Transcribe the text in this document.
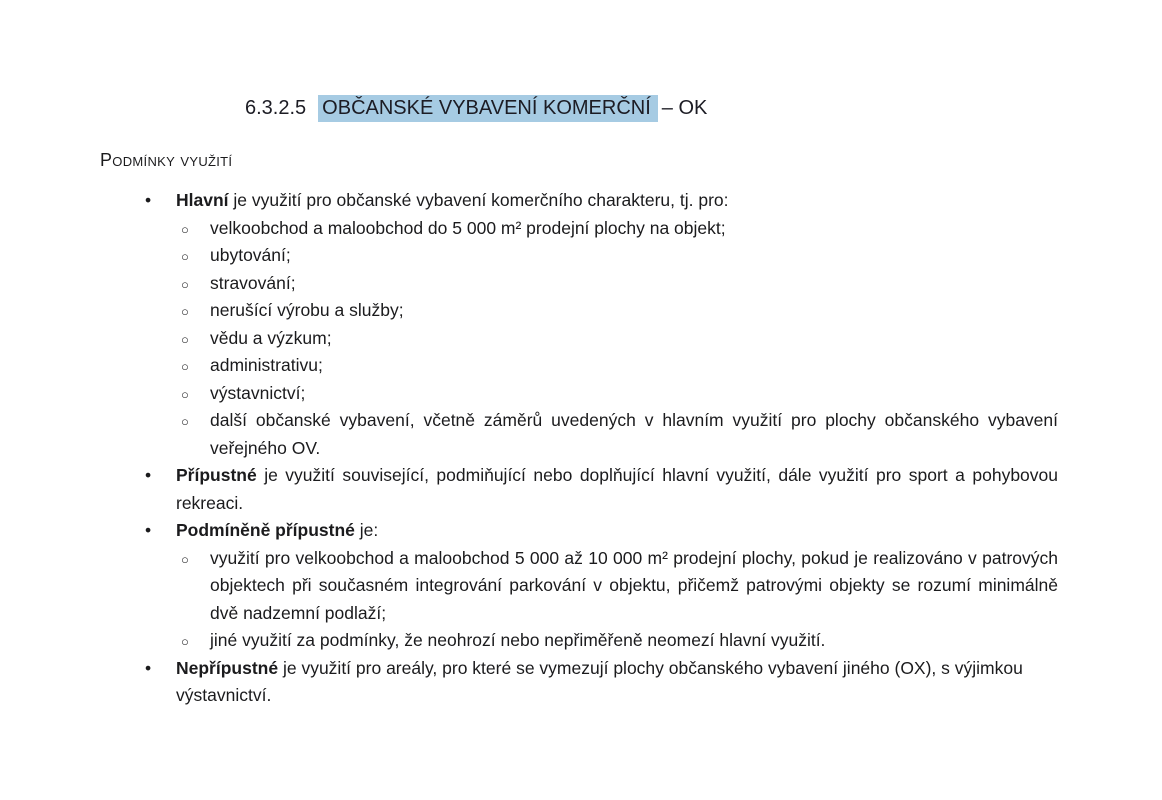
6.3.2.5 OBČANSKÉ VYBAVENÍ KOMERČNÍ – OK
Podmínky využití
• Hlavní je využití pro občanské vybavení komerčního charakteru, tj. pro:

○ velkoobchod a maloobchod do 5 000 m² prodejní plochy na objekt;

○ ubytování;

○ stravování;

○ nerušící výrobu a služby;

○ vědu a výzkum;

○ administrativu;

○ výstavnictví;

○ další občanské vybavení, včetně záměrů uvedených v hlavním využití pro plochy občanského vybavení veřejného OV.

• Přípustné je využití související, podmiňující nebo doplňující hlavní využití, dále využití pro sport a pohybovou rekreaci.

• Podmíněně přípustné je:

○ využití pro velkoobchod a maloobchod 5 000 až 10 000 m² prodejní plochy, pokud je realizováno v patrových objektech při současném integrování parkování v objektu, přičemž patrovými objekty se rozumí minimálně dvě nadzemní podlaží;

○ jiné využití za podmínky, že neohrozí nebo nepřiměřeně neomezí hlavní využití.

• Nepřípustné je využití pro areály, pro které se vymezují plochy občanského vybavení jiného (OX), s výjimkou výstavnictví.
